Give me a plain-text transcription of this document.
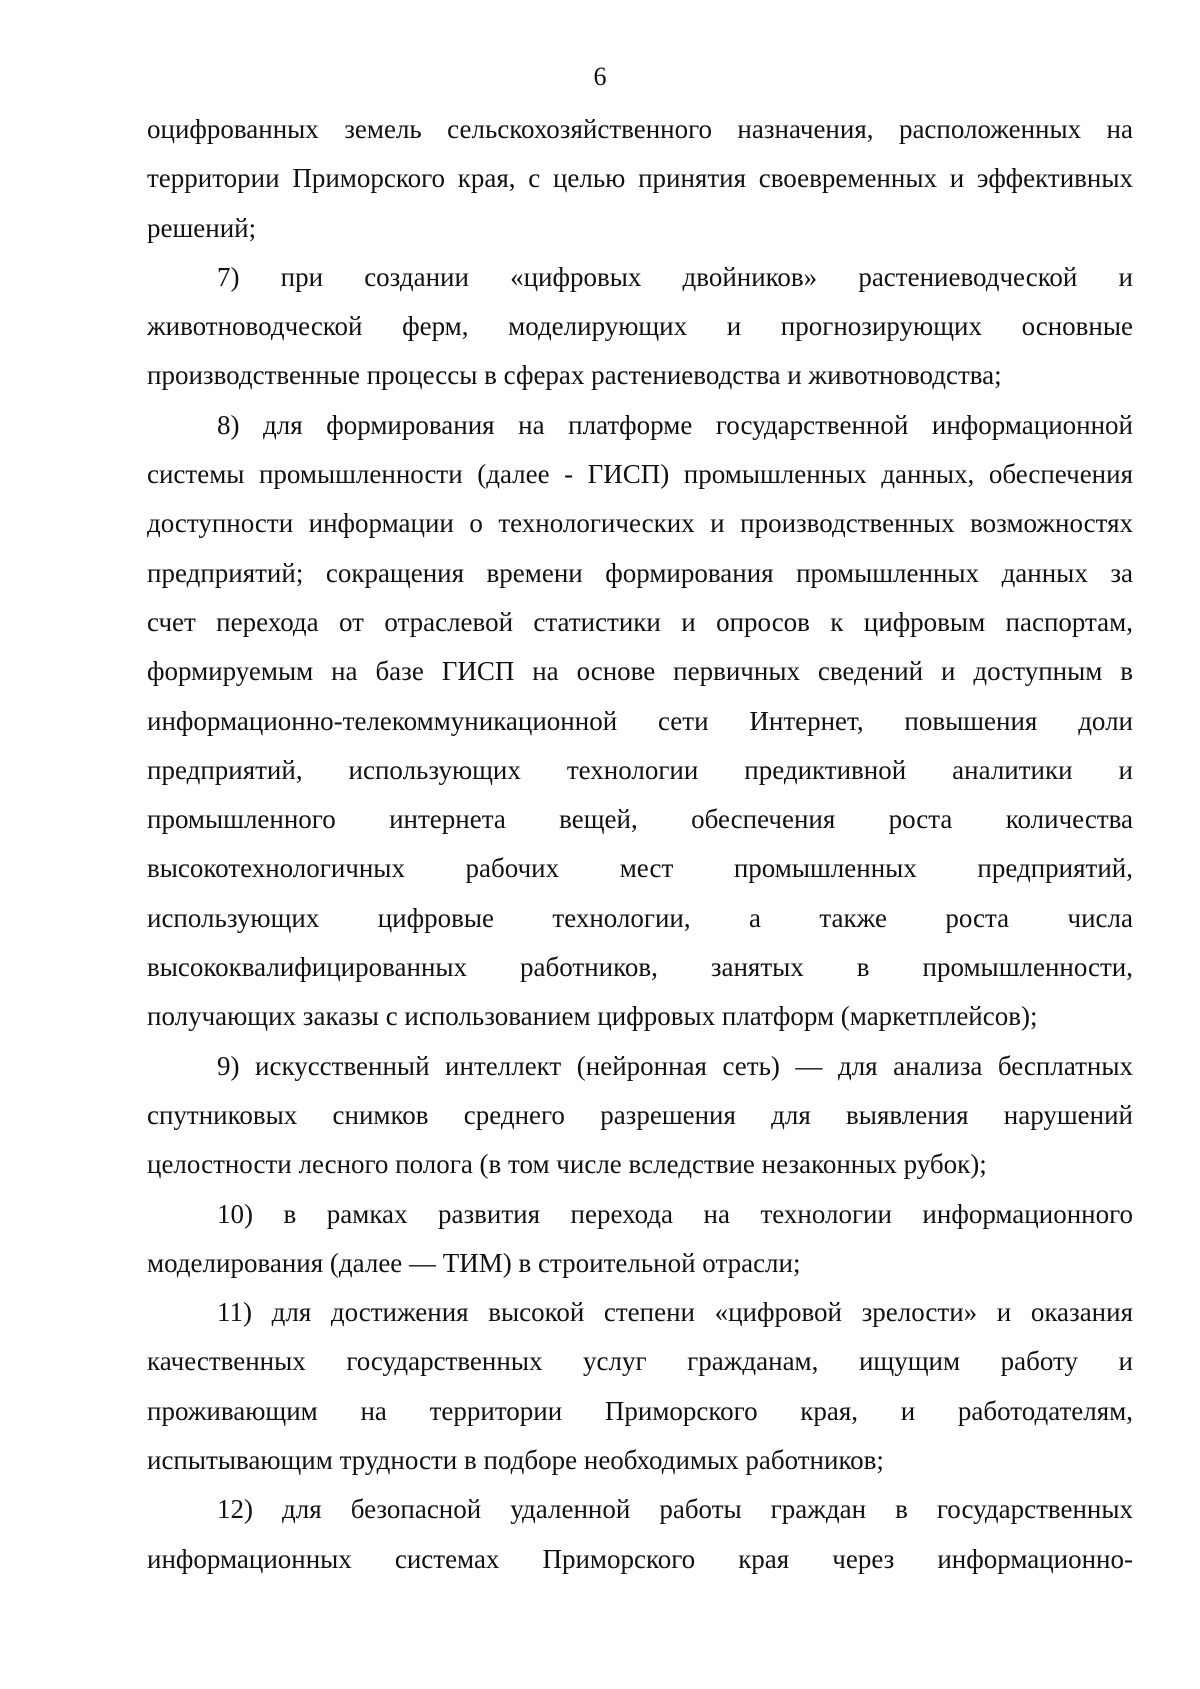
6

оцифрованных земель сельскохозяйственного назначения, расположенных на
территории Приморского края, с целью принятия своевременных и эффективных
решений;

7) при создании «цифровых двойников» растениеводческой и
животноводческой ферм, моделирующих и прогнозирующих основные
производственные процессы в сферах растениеводства и животноводства;

8) для формирования на платформе государственной информационной
системы промышленности (далее - ГИСП) промышленных данных, обеспечения
доступности информации о технологических и производственных возможностях
предприятий; сокращения времени формирования промышленных данных за
счет перехода от отраслевой статистики и опросов к цифровым паспортам,
формируемым на базе ГИСП на основе первичных сведений и доступным в
информационно-телекоммуникационной сети Интернет, повышения доли
предприятий, использующих технологии предиктивной аналитики и
промышленного интернета вещей, обеспечения роста количества
высокотехнологичных рабочих мест промышленных предприятий,
использующих цифровые технологии, а также роста числа
высококвалифицированных работников, занятых в промышленности,
получающих заказы с использованием цифровых платформ (маркетплейсов);

9) искусственный интеллект (нейронная сеть) — для анализа бесплатных
спутниковых снимков среднего разрешения для выявления нарушений
целостности лесного полога (в том числе вследствие незаконных рубок);

10) в рамках развития перехода на технологии информационного
моделирования (далее — ТИМ) в строительной отрасли;

11) для достижения высокой степени «цифровой зрелости» и оказания
качественных государственных услуг гражданам, ищущим работу и
проживающим на территории Приморского края, и работодателям,
испытывающим трудности в подборе необходимых работников;

12) для безопасной удаленной работы граждан в государственных
информационных системах Приморского края через информационно-
